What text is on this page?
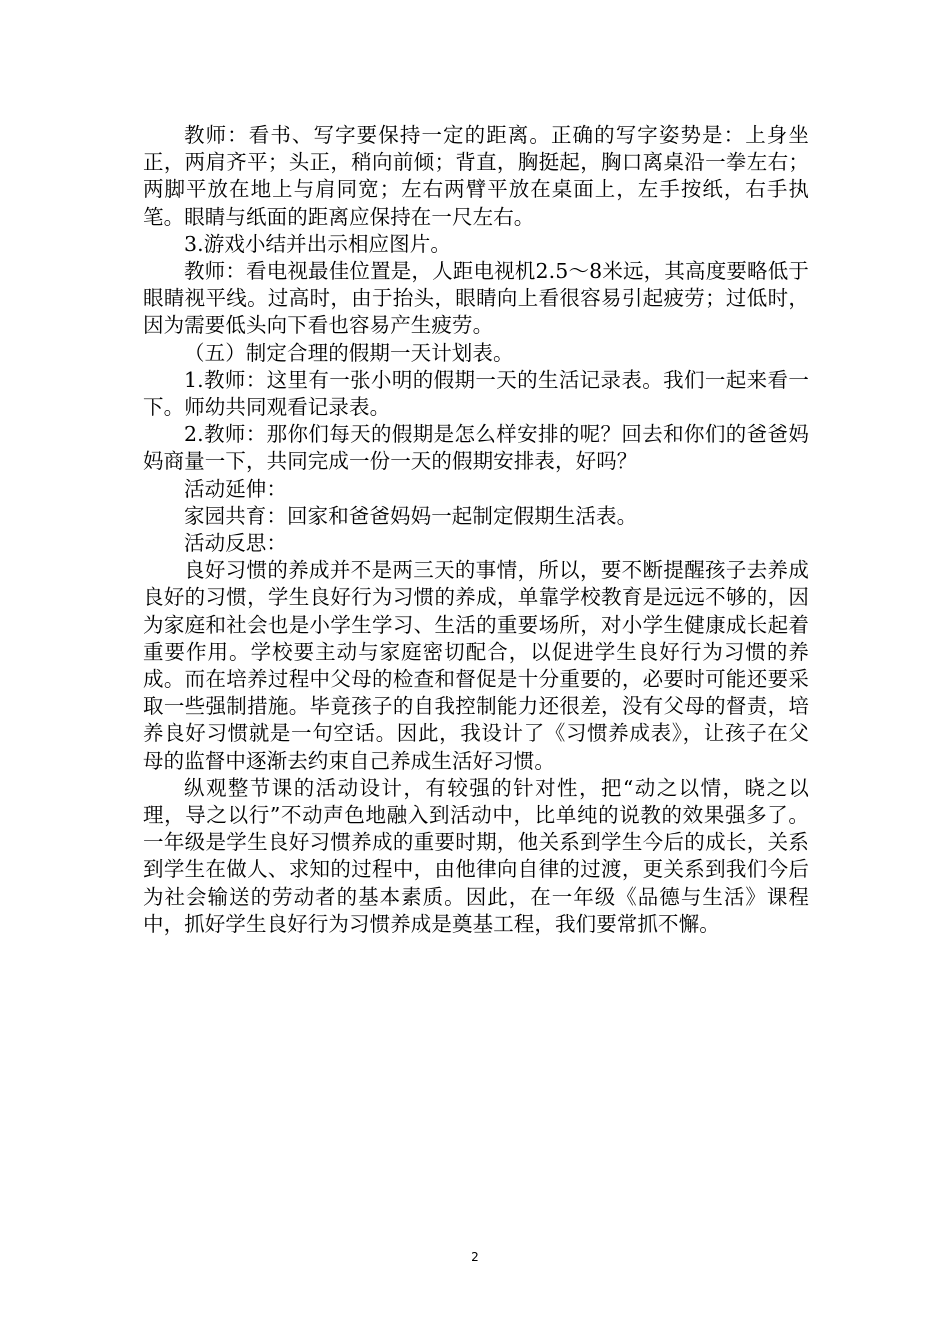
教师：看书、写字要保持一定的距离。正确的写字姿势是：上身坐正，两肩齐平；头正，稍向前倾；背直，胸挺起，胸口离桌沿一拳左右；两脚平放在地上与肩同宽；左右两臂平放在桌面上，左手按纸，右手执笔。眼睛与纸面的距离应保持在一尺左右。

3.游戏小结并出示相应图片。

教师：看电视最佳位置是，人距电视机2.5～8米远，其高度要略低于眼睛视平线。过高时，由于抬头，眼睛向上看很容易引起疲劳；过低时，因为需要低头向下看也容易产生疲劳。

（五）制定合理的假期一天计划表。

1.教师：这里有一张小明的假期一天的生活记录表。我们一起来看一下。师幼共同观看记录表。

2.教师：那你们每天的假期是怎么样安排的呢？回去和你们的爸爸妈妈商量一下，共同完成一份一天的假期安排表，好吗？

活动延伸：

家园共育：回家和爸爸妈妈一起制定假期生活表。

活动反思：

良好习惯的养成并不是两三天的事情，所以，要不断提醒孩子去养成良好的习惯，学生良好行为习惯的养成，单靠学校教育是远远不够的，因为家庭和社会也是小学生学习、生活的重要场所，对小学生健康成长起着重要作用。学校要主动与家庭密切配合，以促进学生良好行为习惯的养成。而在培养过程中父母的检查和督促是十分重要的，必要时可能还要采取一些强制措施。毕竟孩子的自我控制能力还很差，没有父母的督责，培养良好习惯就是一句空话。因此，我设计了《习惯养成表》，让孩子在父母的监督中逐渐去约束自己养成生活好习惯。

纵观整节课的活动设计，有较强的针对性，把“动之以情，晓之以理，导之以行”不动声色地融入到活动中，比单纯的说教的效果强多了。一年级是学生良好习惯养成的重要时期，他关系到学生今后的成长，关系到学生在做人、求知的过程中，由他律向自律的过渡，更关系到我们今后为社会输送的劳动者的基本素质。因此，在一年级《品德与生活》课程中，抓好学生良好行为习惯养成是奠基工程，我们要常抓不懈。

2
